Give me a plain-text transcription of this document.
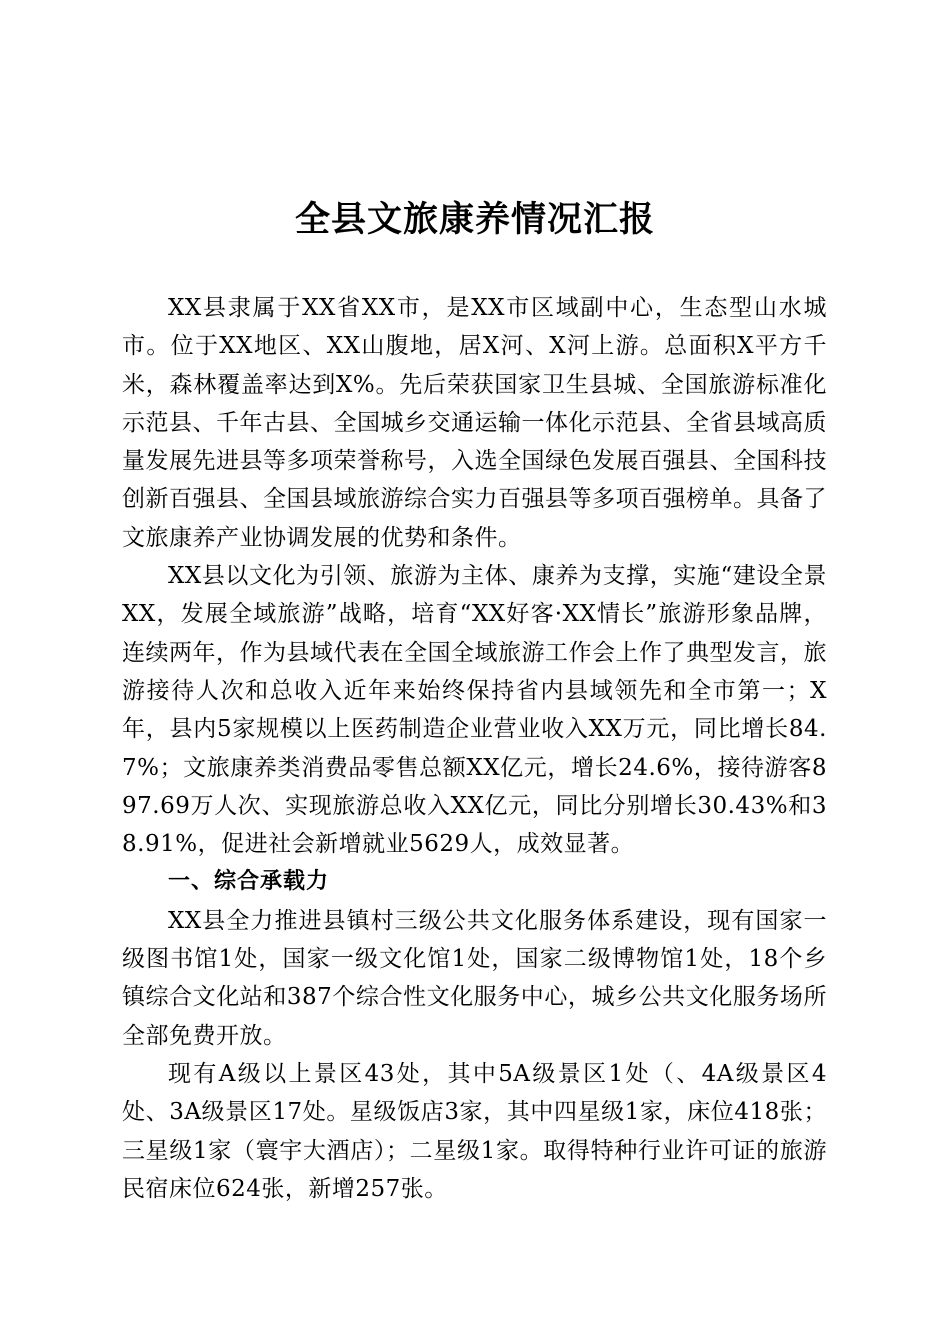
全县文旅康养情况汇报

XX县隶属于XX省XX市，是XX市区域副中心，生态型山水城市。位于XX地区、XX山腹地，居X河、X河上游。总面积X平方千米，森林覆盖率达到X%。先后荣获国家卫生县城、全国旅游标准化示范县、千年古县、全国城乡交通运输一体化示范县、全省县域高质量发展先进县等多项荣誉称号，入选全国绿色发展百强县、全国科技创新百强县、全国县域旅游综合实力百强县等多项百强榜单。具备了文旅康养产业协调发展的优势和条件。

XX县以文化为引领、旅游为主体、康养为支撑，实施“建设全景XX，发展全域旅游”战略，培育“XX好客·XX情长”旅游形象品牌，连续两年，作为县域代表在全国全域旅游工作会上作了典型发言，旅游接待人次和总收入近年来始终保持省内县域领先和全市第一；X年，县内5家规模以上医药制造企业营业收入XX万元，同比增长84.7%；文旅康养类消费品零售总额XX亿元，增长24.6%，接待游客897.69万人次、实现旅游总收入XX亿元，同比分别增长30.43%和38.91%，促进社会新增就业5629人，成效显著。

一、综合承载力

XX县全力推进县镇村三级公共文化服务体系建设，现有国家一级图书馆1处，国家一级文化馆1处，国家二级博物馆1处，18个乡镇综合文化站和387个综合性文化服务中心，城乡公共文化服务场所全部免费开放。

现有A级以上景区43处，其中5A级景区1处（、4A级景区4处、3A级景区17处。星级饭店3家，其中四星级1家，床位418张；三星级1家（寰宇大酒店）；二星级1家。取得特种行业许可证的旅游民宿床位624张，新增257张。
